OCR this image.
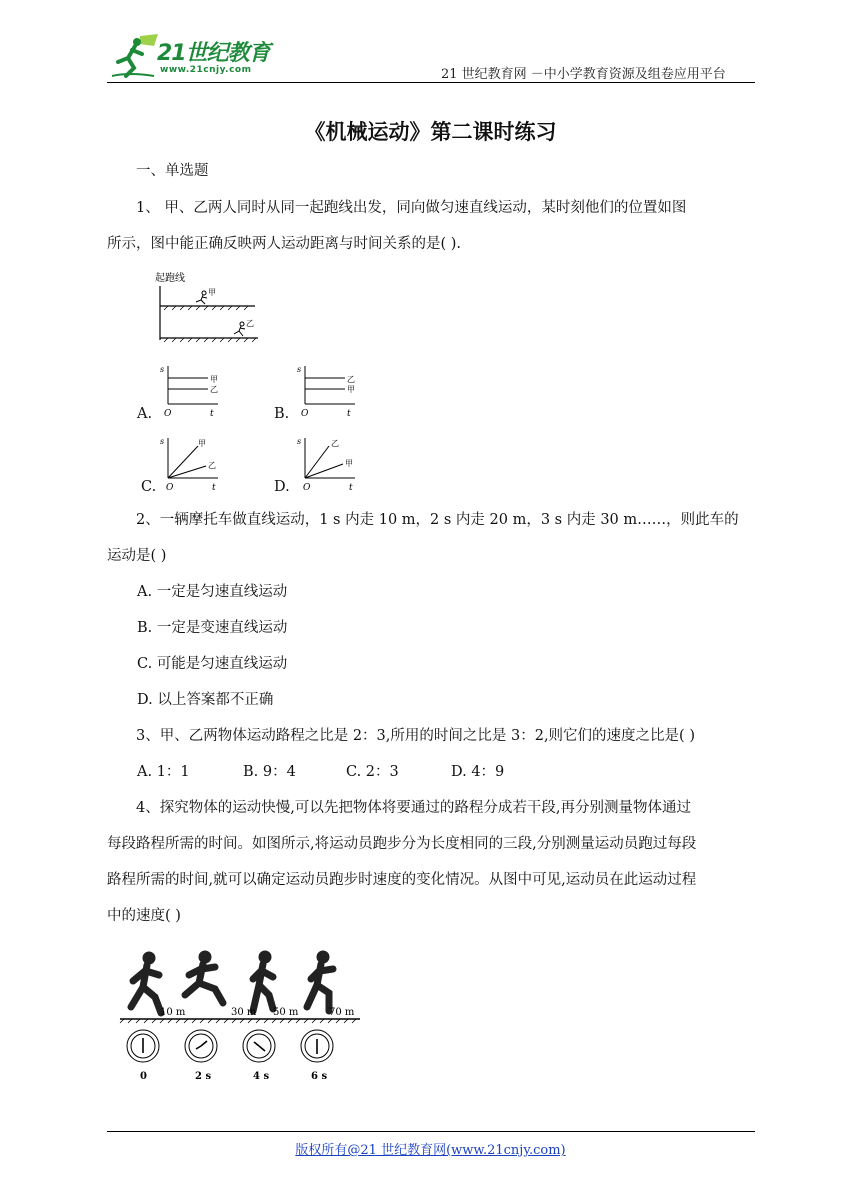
21世纪教育
www.21cnjy.com	21 世纪教育网 －中小学教育资源及组卷应用平台
《机械运动》第二课时练习
一、单选题
1、 甲、乙两人同时从同一起跑线出发，同向做匀速直线运动，某时刻他们的位置如图
所示，图中能正确反映两人运动距离与时间关系的是( ).
起跑线
甲
乙
A.
s
甲
乙
O	t	B.
s
乙
甲
O	t
C.
s	甲
乙
O	t	D.
s	乙
甲
O	t
2、一辆摩托车做直线运动，1 s 内走 10 m，2 s 内走 20 m，3 s 内走 30 m……，则此车的
运动是( )
A. 一定是匀速直线运动
B. 一定是变速直线运动
C. 可能是匀速直线运动
D. 以上答案都不正确
3、甲、乙两物体运动路程之比是 2：3,所用的时间之比是 3：2,则它们的速度之比是( )
A. 1：1	B. 9：4	C. 2：3	D. 4：9
4、探究物体的运动快慢,可以先把物体将要通过的路程分成若干段,再分别测量物体通过
每段路程所需的时间。如图所示,将运动员跑步分为长度相同的三段,分别测量运动员跑过每段
路程所需的时间,就可以确定运动员跑步时速度的变化情况。从图中可见,运动员在此运动过程
中的速度( )
10 m	30 m 50 m	70 m
0	2 s	4 s	6 s
版权所有@21 世纪教育网(www.21cnjy.com)
